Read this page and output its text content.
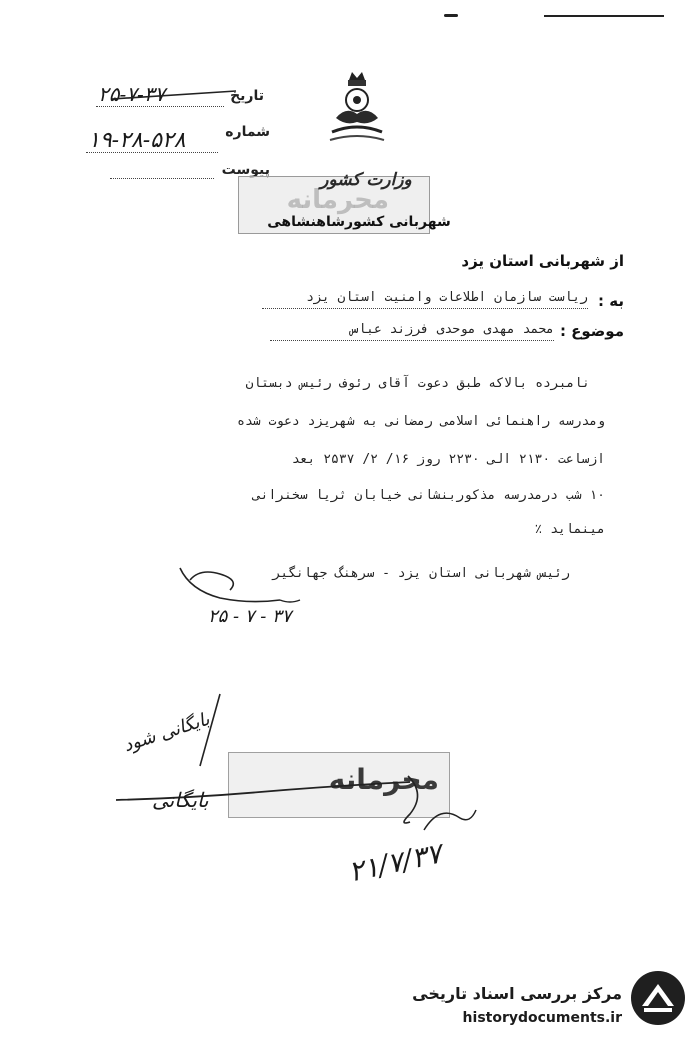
تاریخ
۲۵-۷-۳۷
شماره
۱۹-۲۸-۵۲۸
پیوست
محرمانه
وزارت کشور
شهربانی کشورشاهنشاهی
از شهربانی استان یزد
به :
ریاست سازمان اطلاعات وامنیت استان یزد
موضوع :
محمد مهدی موحدی فرزند عباس
نامبرده بالاکه طبق دعوت آقای رئوف رئیس دبستان
ومدرسه راهنمائی اسلامی رمضانی به شهریزد دعوت شده
ازساعت ۲۱۳۰ الی ۲۲۳۰ روز ۱۶/ ۲/ ۲۵۳۷ بعد
۱۰ شب درمدرسه مذکوربنشانی خیابان ثریا سخنرانی
مینماید ٪
رئیس شهربانی استان یزد - سرهنگ جهانگیر
۲۵ - ۷ - ۳۷
بایگانی شود
محرمانه
بایگانی
۲۱/۷/۳۷
مرکز بررسی اسناد تاریخی
historydocuments.ir
